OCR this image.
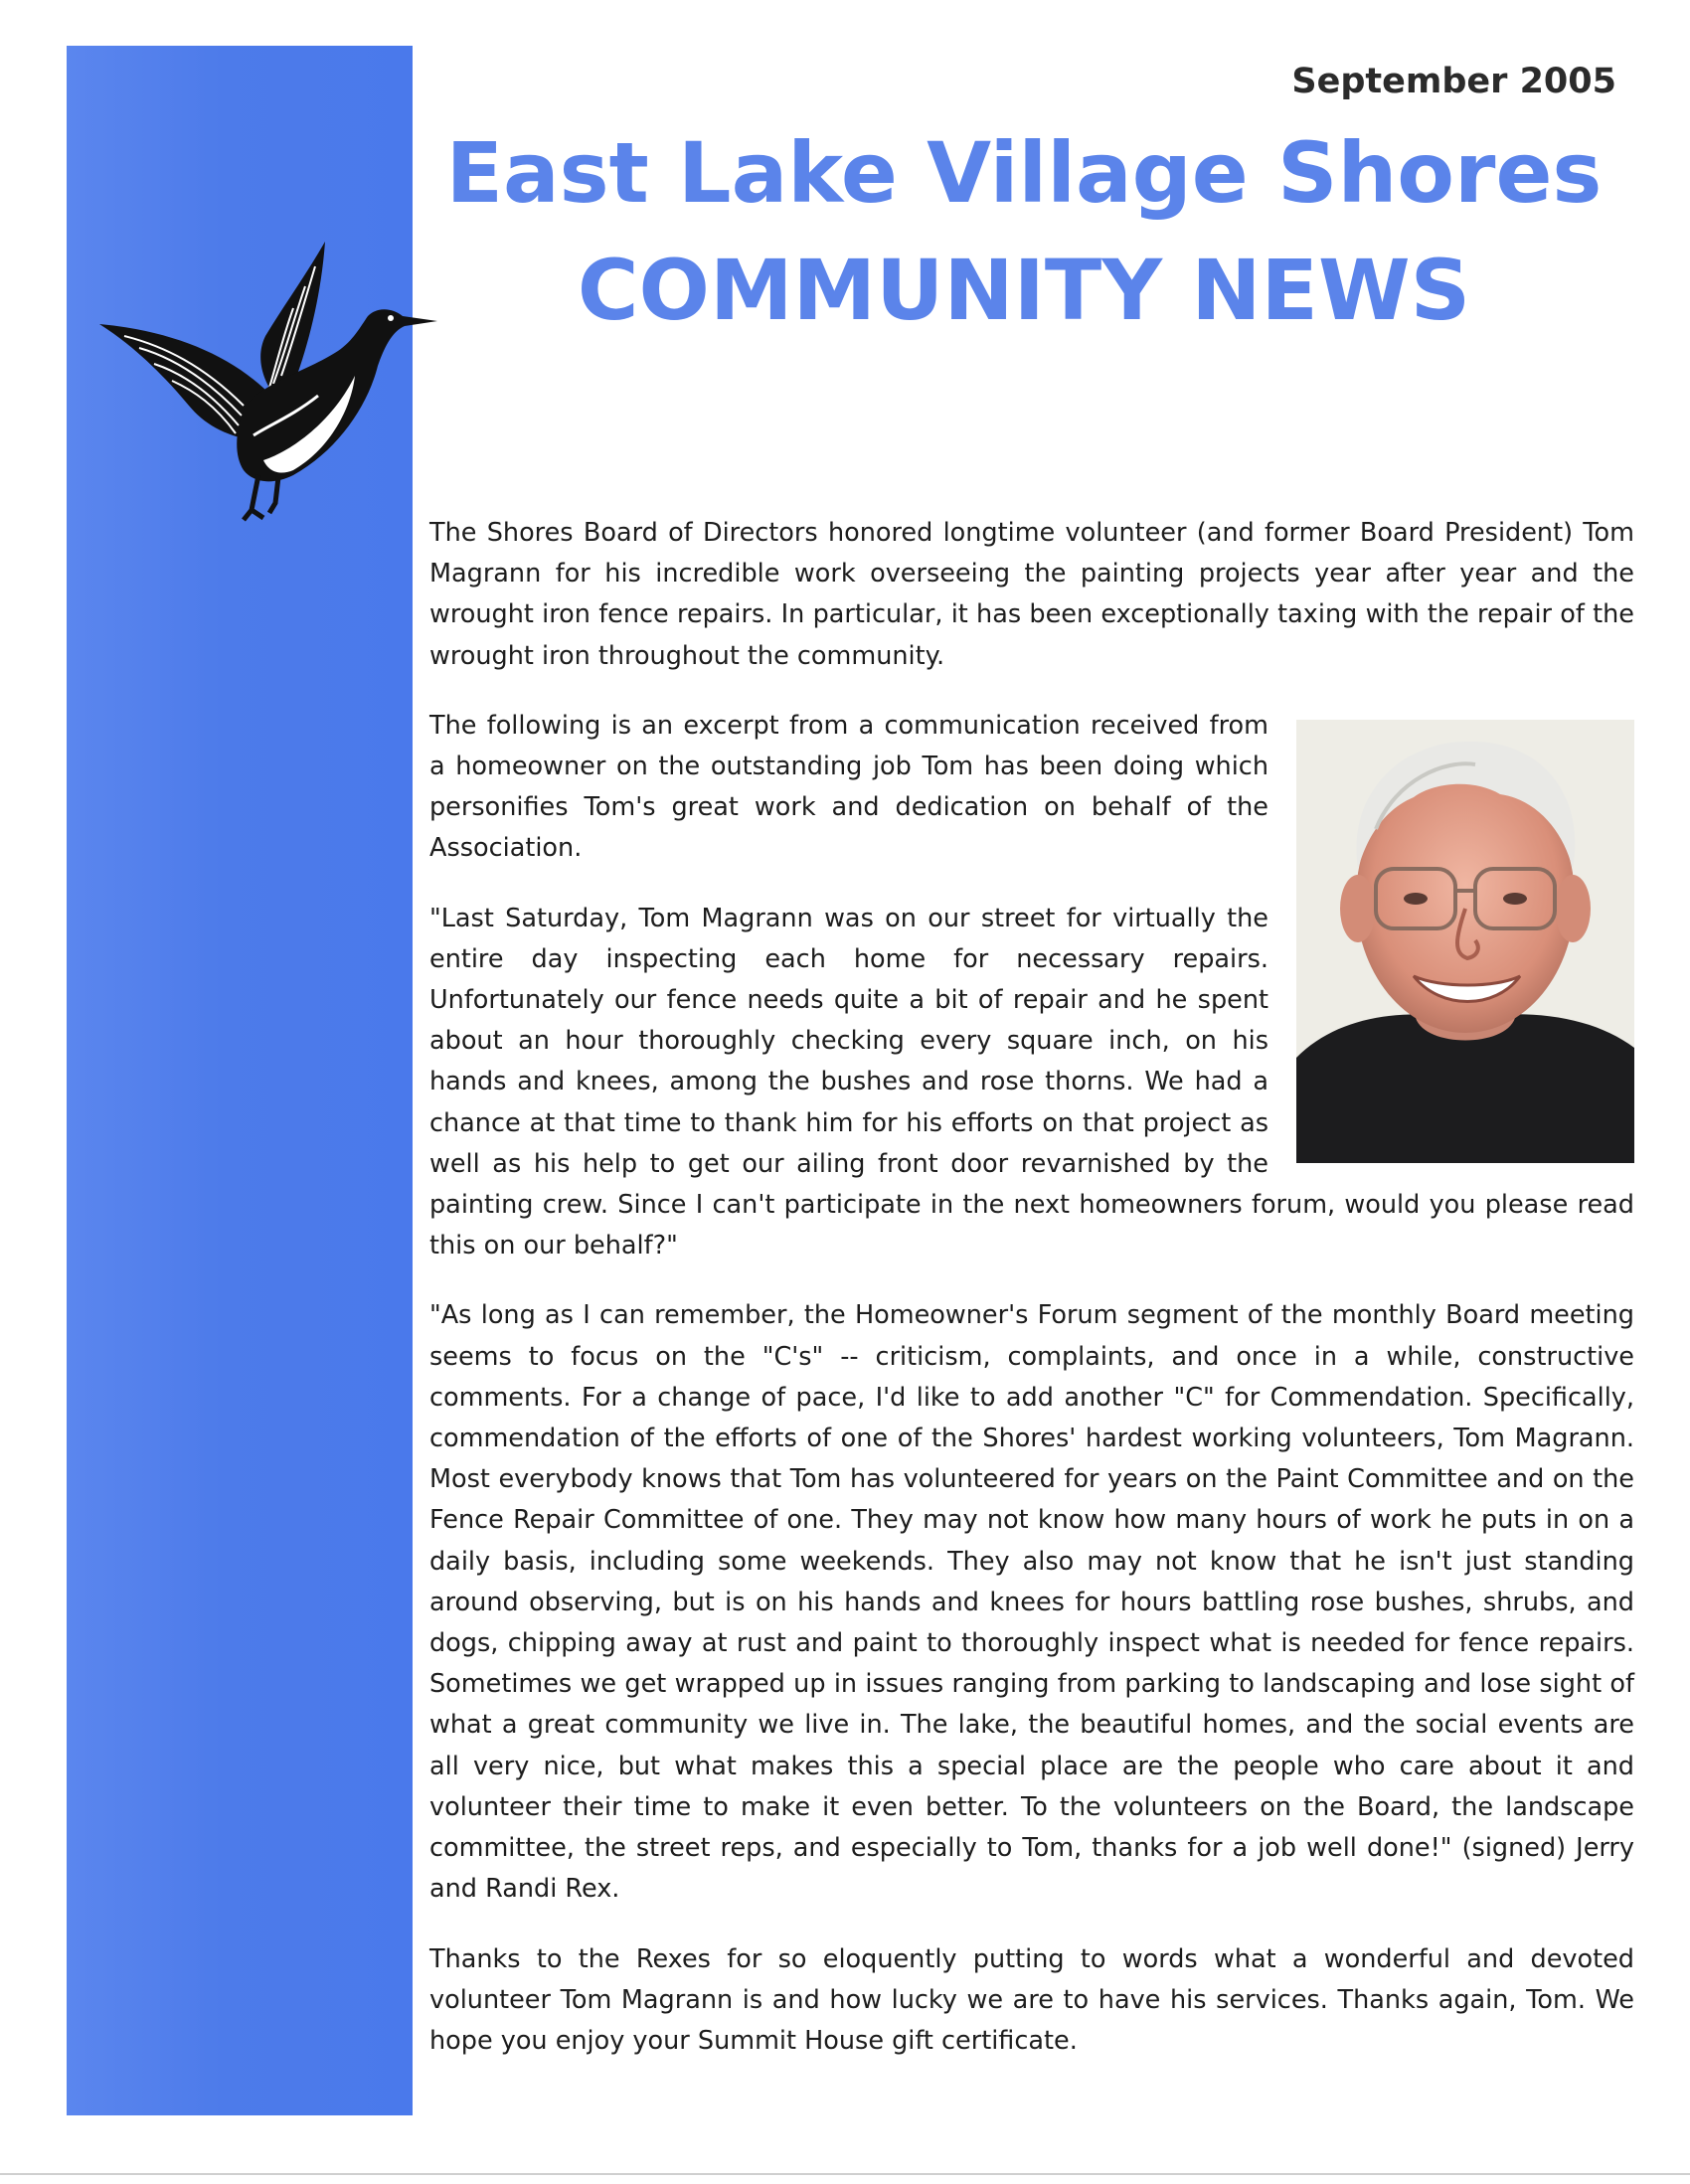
September 2005
East Lake Village Shores
COMMUNITY NEWS

The Shores Board of Directors honored longtime volunteer (and former Board President) Tom Magrann for his incredible work overseeing the painting projects year after year and the wrought iron fence repairs. In particular, it has been exceptionally taxing with the repair of the wrought iron throughout the community.

The following is an excerpt from a communication received from a homeowner on the outstanding job Tom has been doing which personifies Tom's great work and dedication on behalf of the Association.

"Last Saturday, Tom Magrann was on our street for virtually the entire day inspecting each home for necessary repairs. Unfortunately our fence needs quite a bit of repair and he spent about an hour thoroughly checking every square inch, on his hands and knees, among the bushes and rose thorns. We had a chance at that time to thank him for his efforts on that project as well as his help to get our ailing front door revarnished by the painting crew. Since I can't participate in the next homeowners forum, would you please read this on our behalf?"

"As long as I can remember, the Homeowner's Forum segment of the monthly Board meeting seems to focus on the "C's" -- criticism, complaints, and once in a while, constructive comments. For a change of pace, I'd like to add another "C" for Commendation. Specifically, commendation of the efforts of one of the Shores' hardest working volunteers, Tom Magrann. Most everybody knows that Tom has volunteered for years on the Paint Committee and on the Fence Repair Committee of one. They may not know how many hours of work he puts in on a daily basis, including some weekends. They also may not know that he isn't just standing around observing, but is on his hands and knees for hours battling rose bushes, shrubs, and dogs, chipping away at rust and paint to thoroughly inspect what is needed for fence repairs. Sometimes we get wrapped up in issues ranging from parking to landscaping and lose sight of what a great community we live in. The lake, the beautiful homes, and the social events are all very nice, but what makes this a special place are the people who care about it and volunteer their time to make it even better. To the volunteers on the Board, the landscape committee, the street reps, and especially to Tom, thanks for a job well done!" (signed) Jerry and Randi Rex.

Thanks to the Rexes for so eloquently putting to words what a wonderful and devoted volunteer Tom Magrann is and how lucky we are to have his services. Thanks again, Tom. We hope you enjoy your Summit House gift certificate.
